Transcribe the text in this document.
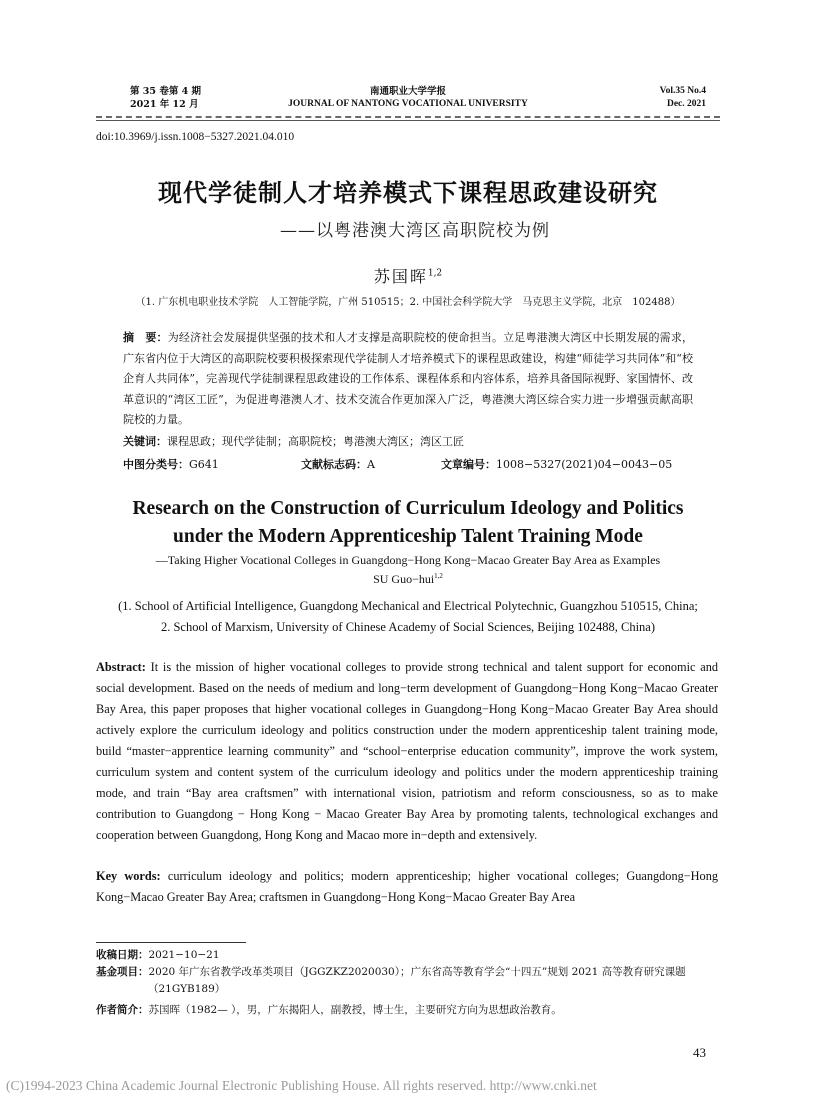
第 35 卷第 4 期
2021 年 12 月
南通职业大学学报
JOURNAL OF NANTONG VOCATIONAL UNIVERSITY
Vol.35 No.4
Dec. 2021
doi:10.3969/j.issn.1008−5327.2021.04.010
现代学徒制人才培养模式下课程思政建设研究
——以粤港澳大湾区高职院校为例
苏国晖$^{1,2}$
（1. 广东机电职业技术学院　人工智能学院，广州 510515；2. 中国社会科学院大学　马克思主义学院，北京　102488）
摘　要：为经济社会发展提供坚强的技术和人才支撑是高职院校的使命担当。立足粤港澳大湾区中长期发展的需求，广东省内位于大湾区的高职院校要积极探索现代学徒制人才培养模式下的课程思政建设，构建“师徒学习共同体”和“校企育人共同体”，完善现代学徒制课程思政建设的工作体系、课程体系和内容体系，培养具备国际视野、家国情怀、改革意识的“湾区工匠”，为促进粤港澳人才、技术交流合作更加深入广泛，粤港澳大湾区综合实力进一步增强贡献高职院校的力量。
关键词：课程思政；现代学徒制；高职院校；粤港澳大湾区；湾区工匠
中图分类号：G641	文献标志码：A	文章编号：1008−5327(2021)04−0043−05
Research on the Construction of Curriculum Ideology and Politics
under the Modern Apprenticeship Talent Training Mode
—Taking Higher Vocational Colleges in Guangdong−Hong Kong−Macao Greater Bay Area as Examples
SU Guo−hui$^{1,2}$
(1. School of Artificial Intelligence, Guangdong Mechanical and Electrical Polytechnic, Guangzhou 510515, China;
2. School of Marxism, University of Chinese Academy of Social Sciences, Beijing 102488, China)
Abstract: It is the mission of higher vocational colleges to provide strong technical and talent support for economic and social development. Based on the needs of medium and long−term development of Guangdong−Hong Kong−Macao Greater Bay Area, this paper proposes that higher vocational colleges in Guangdong−Hong Kong−Macao Greater Bay Area should actively explore the curriculum ideology and politics construction under the modern apprenticeship talent training mode, build “master−apprentice learning community” and “school−enterprise education community”, improve the work system, curriculum system and content system of the curriculum ideology and politics under the modern apprenticeship training mode, and train “Bay area craftsmen” with international vision, patriotism and reform consciousness, so as to make contribution to Guangdong − Hong Kong − Macao Greater Bay Area by promoting talents, technological exchanges and cooperation between Guangdong, Hong Kong and Macao more in−depth and extensively.
Key words: curriculum ideology and politics; modern apprenticeship; higher vocational colleges; Guangdong−Hong Kong−Macao Greater Bay Area; craftsmen in Guangdong−Hong Kong−Macao Greater Bay Area
收稿日期：2021−10−21
基金项目：2020 年广东省教学改革类项目（JGGZKZ2020030）；广东省高等教育学会“十四五”规划 2021 高等教育研究课题
（21GYB189）
作者简介：苏国晖（1982— ），男，广东揭阳人，副教授，博士生，主要研究方向为思想政治教育。
43
(C)1994-2023 China Academic Journal Electronic Publishing House. All rights reserved. http://www.cnki.net
